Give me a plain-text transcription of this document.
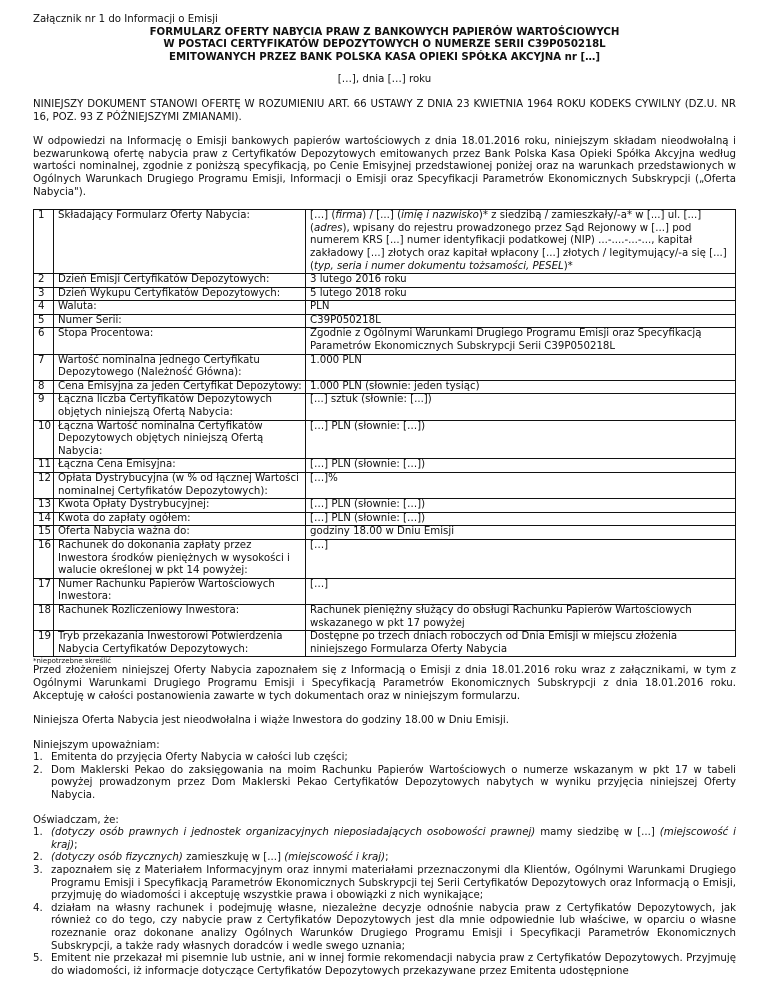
Załącznik nr 1 do Informacji o Emisji

FORMULARZ OFERTY NABYCIA PRAW Z BANKOWYCH PAPIERÓW WARTOŚCIOWYCH

W POSTACI CERTYFIKATÓW DEPOZYTOWYCH O NUMERZE SERII C39P050218L

EMITOWANYCH PRZEZ BANK POLSKA KASA OPIEKI SPÓŁKA AKCYJNA nr […]

[…], dnia […] roku

NINIEJSZY DOKUMENT STANOWI OFERTĘ W ROZUMIENIU ART. 66 USTAWY Z DNIA 23 KWIETNIA 1964 ROKU KODEKS CYWILNY (DZ.U. NR 16, POZ. 93 Z PÓŹNIEJSZYMI ZMIANAMI).

W odpowiedzi na Informację o Emisji bankowych papierów wartościowych z dnia 18.01.2016 roku, niniejszym składam nieodwołalną i bezwarunkową ofertę nabycia praw z Certyfikatów Depozytowych emitowanych przez Bank Polska Kasa Opieki Spółka Akcyjna według wartości nominalnej, zgodnie z poniższą specyfikacją, po Cenie Emisyjnej przedstawionej poniżej oraz na warunkach przedstawionych w Ogólnych Warunkach Drugiego Programu Emisji, Informacji o Emisji oraz Specyfikacji Parametrów Ekonomicznych Subskrypcji („Oferta Nabycia").

1	Składający Formularz Oferty Nabycia:	[…] (firma) / [...] (imię i nazwisko)* z siedzibą / zamieszkały/-a* w [...] ul. [...] (adres), wpisany do rejestru prowadzonego przez Sąd Rejonowy w [...] pod numerem KRS [...] numer identyfikacji podatkowej (NIP) ...-....-...-..., kapitał zakładowy [...] złotych oraz kapitał wpłacony [...] złotych / legitymujący/-a się [...] (typ, seria i numer dokumentu tożsamości, PESEL)*
2	Dzień Emisji Certyfikatów Depozytowych:	3 lutego 2016 roku
3	Dzień Wykupu Certyfikatów Depozytowych:	5 lutego 2018 roku
4	Waluta:	PLN
5	Numer Serii:	C39P050218L
6	Stopa Procentowa:	Zgodnie z Ogólnymi Warunkami Drugiego Programu Emisji oraz Specyfikacją Parametrów Ekonomicznych Subskrypcji Serii C39P050218L
7	Wartość nominalna jednego Certyfikatu Depozytowego (Należność Główna):	1.000 PLN
8	Cena Emisyjna za jeden Certyfikat Depozytowy:	1.000 PLN (słownie: jeden tysiąc)
9	Łączna liczba Certyfikatów Depozytowych objętych niniejszą Ofertą Nabycia:	[...] sztuk (słownie: [...])
10	Łączna Wartość nominalna Certyfikatów Depozytowych objętych niniejszą Ofertą Nabycia:	[…] PLN (słownie: […])
11	Łączna Cena Emisyjna:	[…] PLN (słownie: […])
12	Opłata Dystrybucyjna (w % od łącznej Wartości nominalnej Certyfikatów Depozytowych):	[…]%
13	Kwota Opłaty Dystrybucyjnej:	[…] PLN (słownie: […])
14	Kwota do zapłaty ogółem:	[…] PLN (słownie: […])
15	Oferta Nabycia ważna do:	godziny 18.00 w Dniu Emisji
16	Rachunek do dokonania zapłaty przez Inwestora środków pieniężnych w wysokości i walucie określonej w pkt 14 powyżej:	[…]
17	Numer Rachunku Papierów Wartościowych Inwestora:	[…]
18	Rachunek Rozliczeniowy Inwestora:	Rachunek pieniężny służący do obsługi Rachunku Papierów Wartościowych wskazanego w pkt 17 powyżej
19	Tryb przekazania Inwestorowi Potwierdzenia Nabycia Certyfikatów Depozytowych:	Dostępne po trzech dniach roboczych od Dnia Emisji w miejscu złożenia niniejszego Formularza Oferty Nabycia

*niepotrzebne skreślić

Przed złożeniem niniejszej Oferty Nabycia zapoznałem się z Informacją o Emisji z dnia 18.01.2016 roku wraz z załącznikami, w tym z Ogólnymi Warunkami Drugiego Programu Emisji i Specyfikacją Parametrów Ekonomicznych Subskrypcji z dnia 18.01.2016 roku. Akceptuję w całości postanowienia zawarte w tych dokumentach oraz w niniejszym formularzu.

Niniejsza Oferta Nabycia jest nieodwołalna i wiąże Inwestora do godziny 18.00 w Dniu Emisji.

Niniejszym upoważniam:

1. Emitenta do przyjęcia Oferty Nabycia w całości lub części;
2. Dom Maklerski Pekao do zaksięgowania na moim Rachunku Papierów Wartościowych o numerze wskazanym w pkt 17 w tabeli powyżej prowadzonym przez Dom Maklerski Pekao Certyfikatów Depozytowych nabytych w wyniku przyjęcia niniejszej Oferty Nabycia.

Oświadczam, że:

1. (dotyczy osób prawnych i jednostek organizacyjnych nieposiadających osobowości prawnej) mamy siedzibę w [...] (miejscowość i kraj);
2. (dotyczy osób fizycznych) zamieszkuję w [...] (miejscowość i kraj);
3. zapoznałem się z Materiałem Informacyjnym oraz innymi materiałami przeznaczonymi dla Klientów, Ogólnymi Warunkami Drugiego Programu Emisji i Specyfikacją Parametrów Ekonomicznych Subskrypcji tej Serii Certyfikatów Depozytowych oraz Informacją o Emisji, przyjmuję do wiadomości i akceptuję wszystkie prawa i obowiązki z nich wynikające;
4. działam na własny rachunek i podejmuję własne, niezależne decyzje odnośnie nabycia praw z Certyfikatów Depozytowych, jak również co do tego, czy nabycie praw z Certyfikatów Depozytowych jest dla mnie odpowiednie lub właściwe, w oparciu o własne rozeznanie oraz dokonane analizy Ogólnych Warunków Drugiego Programu Emisji i Specyfikacji Parametrów Ekonomicznych Subskrypcji, a także rady własnych doradców i wedle swego uznania;
5. Emitent nie przekazał mi pisemnie lub ustnie, ani w innej formie rekomendacji nabycia praw z Certyfikatów Depozytowych. Przyjmuję do wiadomości, iż informacje dotyczące Certyfikatów Depozytowych przekazywane przez Emitenta udostępnione
